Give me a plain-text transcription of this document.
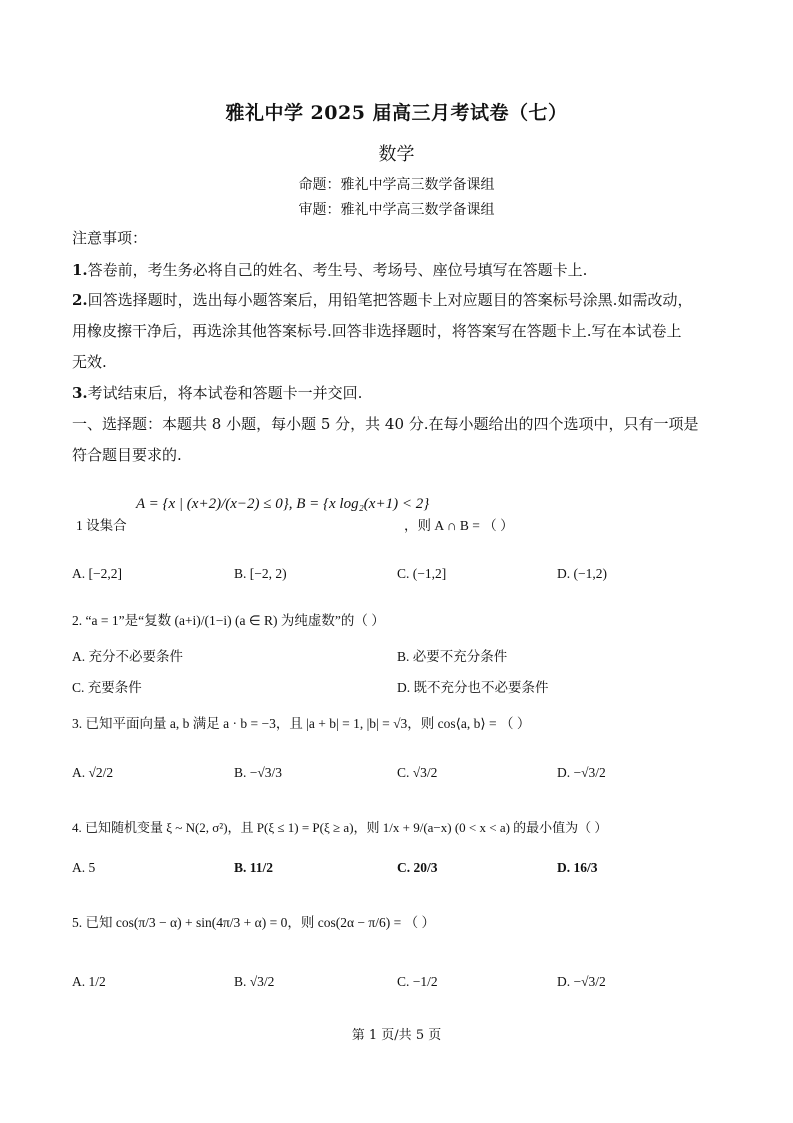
雅礼中学 2025 届高三月考试卷（七）
数学
命题：雅礼中学高三数学备课组
审题：雅礼中学高三数学备课组
注意事项：
1.答卷前，考生务必将自己的姓名、考生号、考场号、座位号填写在答题卡上.
2.回答选择题时，选出每小题答案后，用铅笔把答题卡上对应题目的答案标号涂黑.如需改动，
用橡皮擦干净后，再选涂其他答案标号.回答非选择题时，将答案写在答题卡上.写在本试卷上
无效.
3.考试结束后，将本试卷和答题卡一并交回.
一、选择题：本题共 8 小题，每小题 5 分，共 40 分.在每小题给出的四个选项中，只有一项是
符合题目要求的.
1 设集合
A = {x | (x+2)/(x−2) ≤ 0}, B = {x log₂(x+1) < 2}
，则 A ∩ B = （ ）
A. [−2,2]	B. [−2, 2)	C. (−1,2]	D. (−1,2)
2. “a = 1”是“复数 (a+i)/(1−i) (a ∈ R) 为纯虚数”的（ ）
A. 充分不必要条件	B. 必要不充分条件
C. 充要条件	D. 既不充分也不必要条件
3. 已知平面向量 a, b 满足 a · b = −3，且 |a + b| = 1, |b| = √3，则 cos⟨a, b⟩ = （ ）
A. √2/2	B. −√3/3	C. √3/2	D. −√3/2
4. 已知随机变量 ξ ~ N(2, σ²)，且 P(ξ ≤ 1) = P(ξ ≥ a)，则 1/x + 9/(a−x) (0 < x < a) 的最小值为（ ）
A. 5	B. 11/2	C. 20/3	D. 16/3
5. 已知 cos(π/3 − α) + sin(4π/3 + α) = 0，则 cos(2α − π/6) = （ ）
A. 1/2	B. √3/2	C. −1/2	D. −√3/2
第 1 页/共 5 页
